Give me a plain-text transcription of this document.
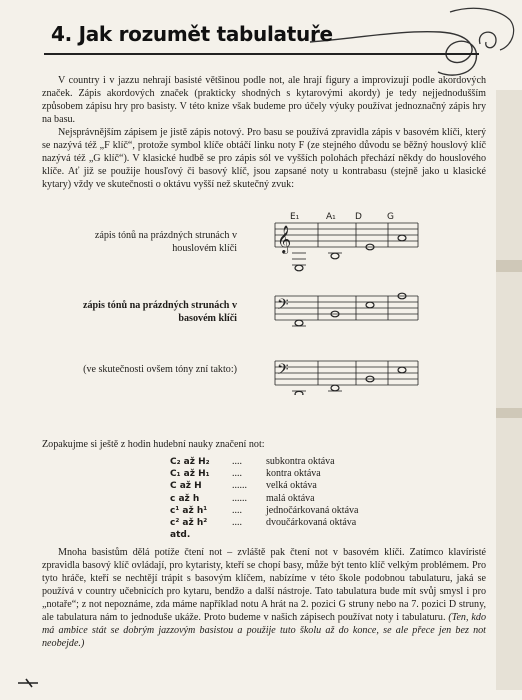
4. Jak rozumět tabulatuře

V country i v jazzu nehrají basisté většinou podle not, ale hrají figury a improvizují podle akordových značek. Zápis akordových značek (prakticky shodných s kytarovými akordy) je tedy nejjednodušším způsobem zápisu hry pro basisty. V této knize však budeme pro účely výuky používat jednoznačný zápis hry na basu.

Nejsprávnějším zápisem je jistě zápis notový. Pro basu se používá zpravidla zápis v basovém klíči, který se nazývá též „F klíč“, protože symbol klíče obtáčí linku noty F (ze stejného důvodu se běžný houslový klíč nazývá též „G klíč“). V klasické hudbě se pro zápis sól ve vyšších polohách přechází někdy do houslového klíče. Ať již se použije housľový či basový klíč, jsou zapsané noty u kontrabasu (stejně jako u klasické kytary) vždy ve skutečnosti o oktávu vyšší než skutečný zvuk:

zápis tónů na prázdných strunách v houslovém klíči
zápis tónů na prázdných strunách v basovém klíči
(ve skutečnosti ovšem tóny zní takto:)
𝄞
E₁	A₁ D	G
𝄢
𝄢

Zopakujme si ještě z hodin hudební nauky značení not:

C₂ až H₂	....	subkontra oktáva
C₁ až H₁	....	kontra oktáva
C až H	......	velká oktáva
c až h	......	malá oktáva
c¹ až h¹	....	jednočárkovaná oktáva
c² až h²	....	dvoučárkovaná oktáva
atd.

Mnoha basistům dělá potíže čtení not – zvláště pak čtení not v basovém klíči. Zatímco klavíristé zpravidla basový klíč ovládají, pro kytaristy, kteří se chopí basy, může být tento klíč velkým problémem. Pro tyto hráče, kteří se nechtějí trápit s basovým klíčem, nabízíme v této škole podobnou tabulaturu, jaká se používá v country učebnicích pro kytaru, bendžo a další nástroje. Tato tabulatura bude mít svůj smysl i pro „notaře“; z not nepoznáme, zda máme například notu A hrát na 2. pozici G struny nebo na 7. pozici D struny, ale tabulatura nám to jednoduše ukáže. Proto budeme v našich zápisech používat noty i tabulaturu. (Ten, kdo má ambice stát se dobrým jazzovým basistou a použije tuto školu až do konce, se ale přece jen bez not neobejde.)
